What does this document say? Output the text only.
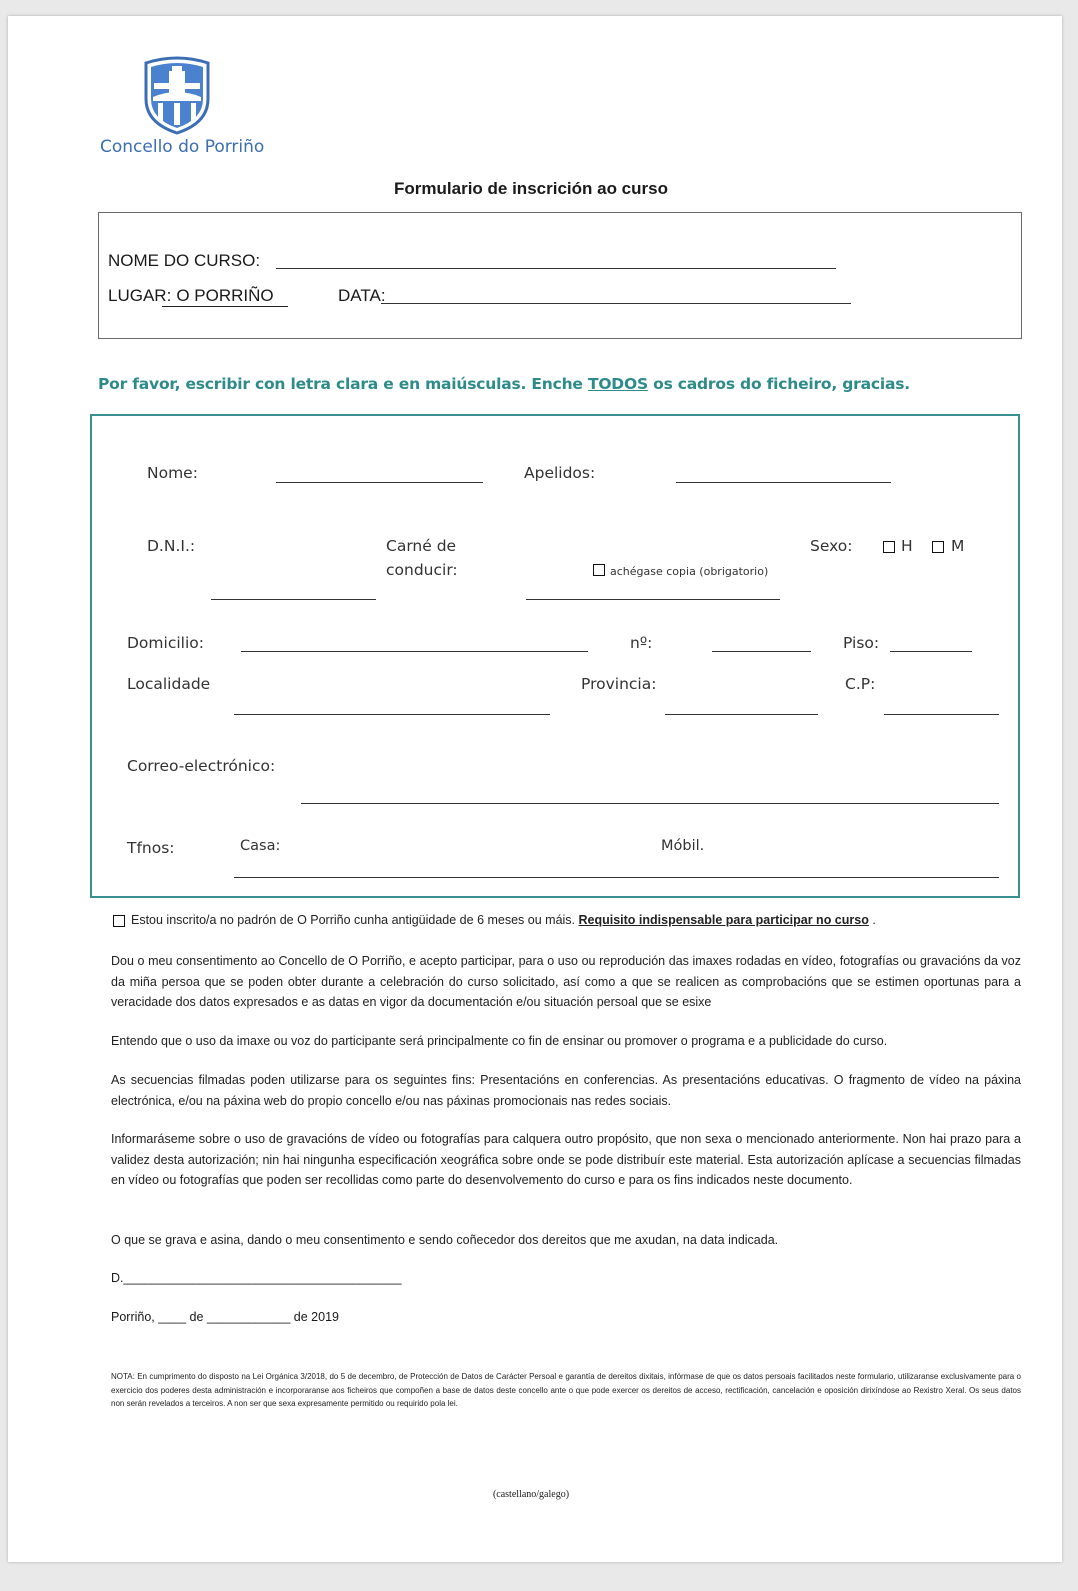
Concello do Porriño
Formulario de inscrición ao curso
NOME DO CURSO:
LUGAR: O PORRIÑO	DATA:
Por favor, escribir con letra clara e en maiúsculas. Enche TODOS os cadros do ficheiro, gracias.
Nome:	Apelidos:
D.N.I.:	Carné de
conducir:	achégase copia (obrigatorio)
Sexo:	H M
Domicilio:	nº:	Piso:
Localidade	Provincia:	C.P:
Correo-electrónico:
Tfnos:	Casa:	Móbil.
Estou inscrito/a no padrón de O Porriño cunha antigüidade de 6 meses ou máis. Requisito indispensable para participar no curso .
Dou o meu consentimento ao Concello de O Porriño, e acepto participar, para o uso ou reprodución das imaxes rodadas en vídeo, fotografías ou gravacións da voz da miña persoa que se poden obter durante a celebración do curso solicitado, así como a que se realicen as comprobacións que se estimen oportunas para a veracidade dos datos expresados e as datas en vigor da documentación e/ou situación persoal que se esixe
Entendo que o uso da imaxe ou voz do participante será principalmente co fin de ensinar ou promover o programa e a publicidade do curso.
As secuencias filmadas poden utilizarse para os seguintes fins: Presentacións en conferencias. As presentacións educativas. O fragmento de vídeo na páxina electrónica, e/ou na páxina web do propio concello e/ou nas páxinas promocionais nas redes sociais.
Informaráseme sobre o uso de gravacións de vídeo ou fotografías para calquera outro propósito, que non sexa o mencionado anteriormente. Non hai prazo para a validez desta autorización; nin hai ningunha especificación xeográfica sobre onde se pode distribuír este material. Esta autorización aplícase a secuencias filmadas en vídeo ou fotografías que poden ser recollidas como parte do desenvolvemento do curso e para os fins indicados neste documento.
O que se grava e asina, dando o meu consentimento e sendo coñecedor dos dereitos que me axudan, na data indicada.
D.________________________________________
Porriño, ____ de ____________ de 2019
NOTA: En cumprimento do disposto na Lei Orgánica 3/2018, do 5 de decembro, de Protección de Datos de Carácter Persoal e garantía de dereitos dixitais, infórmase de que os datos persoais facilitados neste formulario, utilizaranse exclusivamente para o exercicio dos poderes desta administración e incorporaranse aos ficheiros que compoñen a base de datos deste concello ante o que pode exercer os dereitos de acceso, rectificación, cancelación e oposición dirixíndose ao Rexistro Xeral. Os seus datos non serán revelados a terceiros. A non ser que sexa expresamente permitido ou requirido pola lei.
(castellano/galego)
